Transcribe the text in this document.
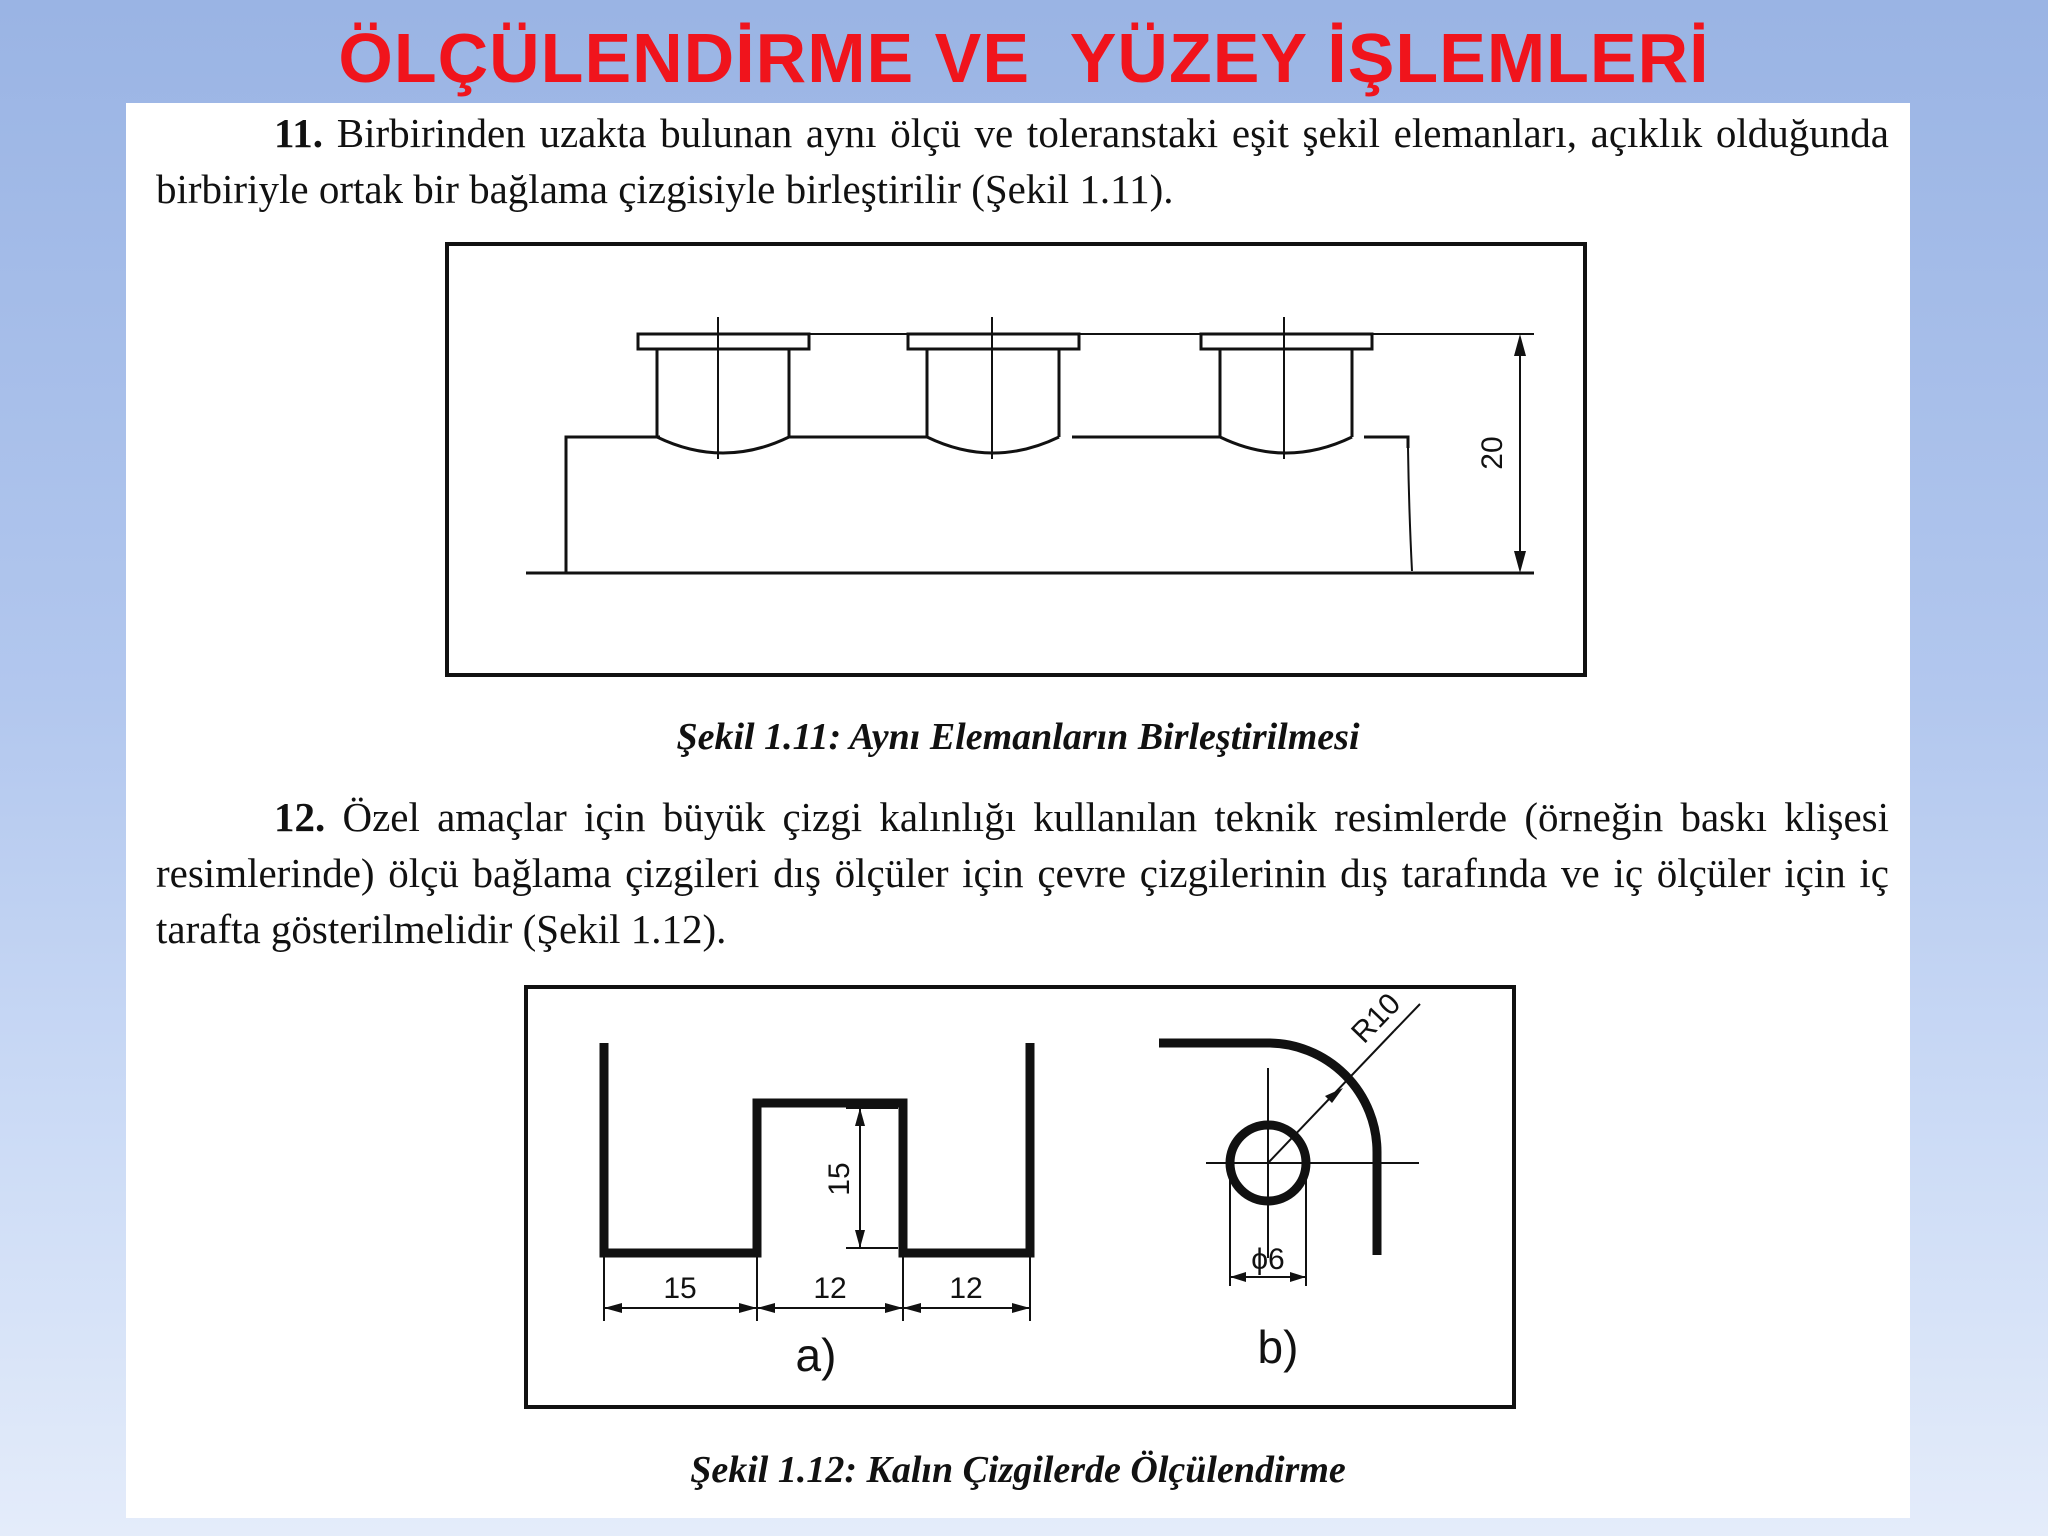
ÖLÇÜLENDİRME VE  YÜZEY İŞLEMLERİ

11. Birbirinden uzakta bulunan aynı ölçü ve toleranstaki eşit şekil elemanları, açıklık olduğunda birbiriyle ortak bir bağlama çizgisiyle birleştirilir (Şekil 1.11).

20
Şekil 1.11: Aynı Elemanların Birleştirilmesi

12. Özel amaçlar için büyük çizgi kalınlığı kullanılan teknik resimlerde (örneğin baskı klişesi resimlerinde) ölçü bağlama çizgileri dış ölçüler için çevre çizgilerinin dış tarafında ve iç ölçüler için iç tarafta gösterilmelidir (Şekil 1.12).

15	12	12
15
a)
R10
ϕ6
b)
Şekil 1.12: Kalın Çizgilerde Ölçülendirme
